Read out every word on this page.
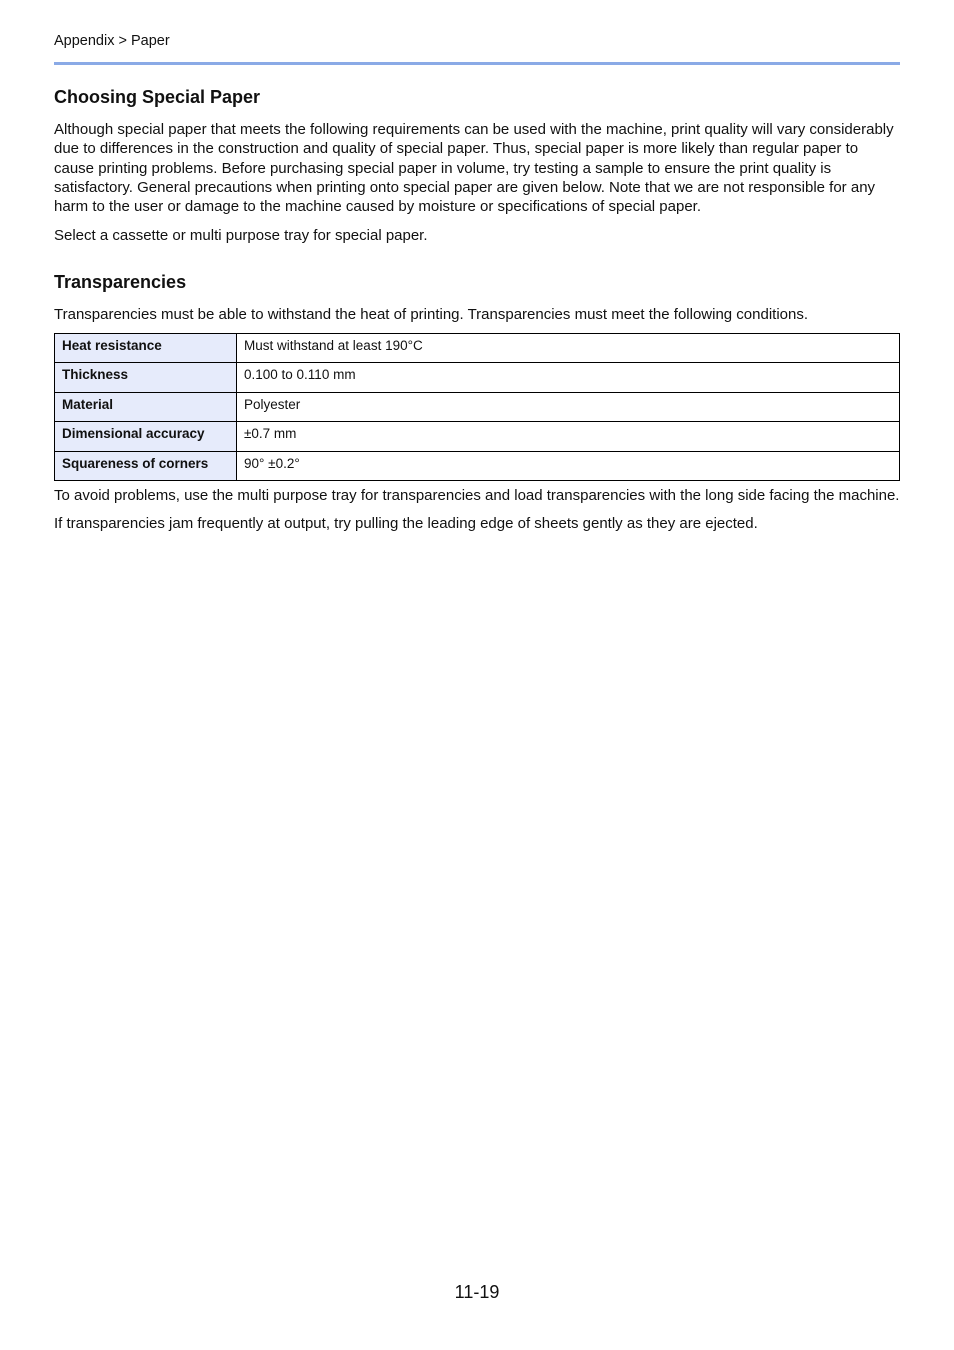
Appendix > Paper
Choosing Special Paper

Although special paper that meets the following requirements can be used with the machine, print quality will vary considerably due to differences in the construction and quality of special paper. Thus, special paper is more likely than regular paper to cause printing problems. Before purchasing special paper in volume, try testing a sample to ensure the print quality is satisfactory. General precautions when printing onto special paper are given below. Note that we are not responsible for any harm to the user or damage to the machine caused by moisture or specifications of special paper.

Select a cassette or multi purpose tray for special paper.

Transparencies

Transparencies must be able to withstand the heat of printing. Transparencies must meet the following conditions.

Heat resistance	Must withstand at least 190°C
Thickness	0.100 to 0.110 mm
Material	Polyester
Dimensional accuracy	±0.7 mm
Squareness of corners	90° ±0.2°

To avoid problems, use the multi purpose tray for transparencies and load transparencies with the long side facing the machine.

If transparencies jam frequently at output, try pulling the leading edge of sheets gently as they are ejected.

11-19
